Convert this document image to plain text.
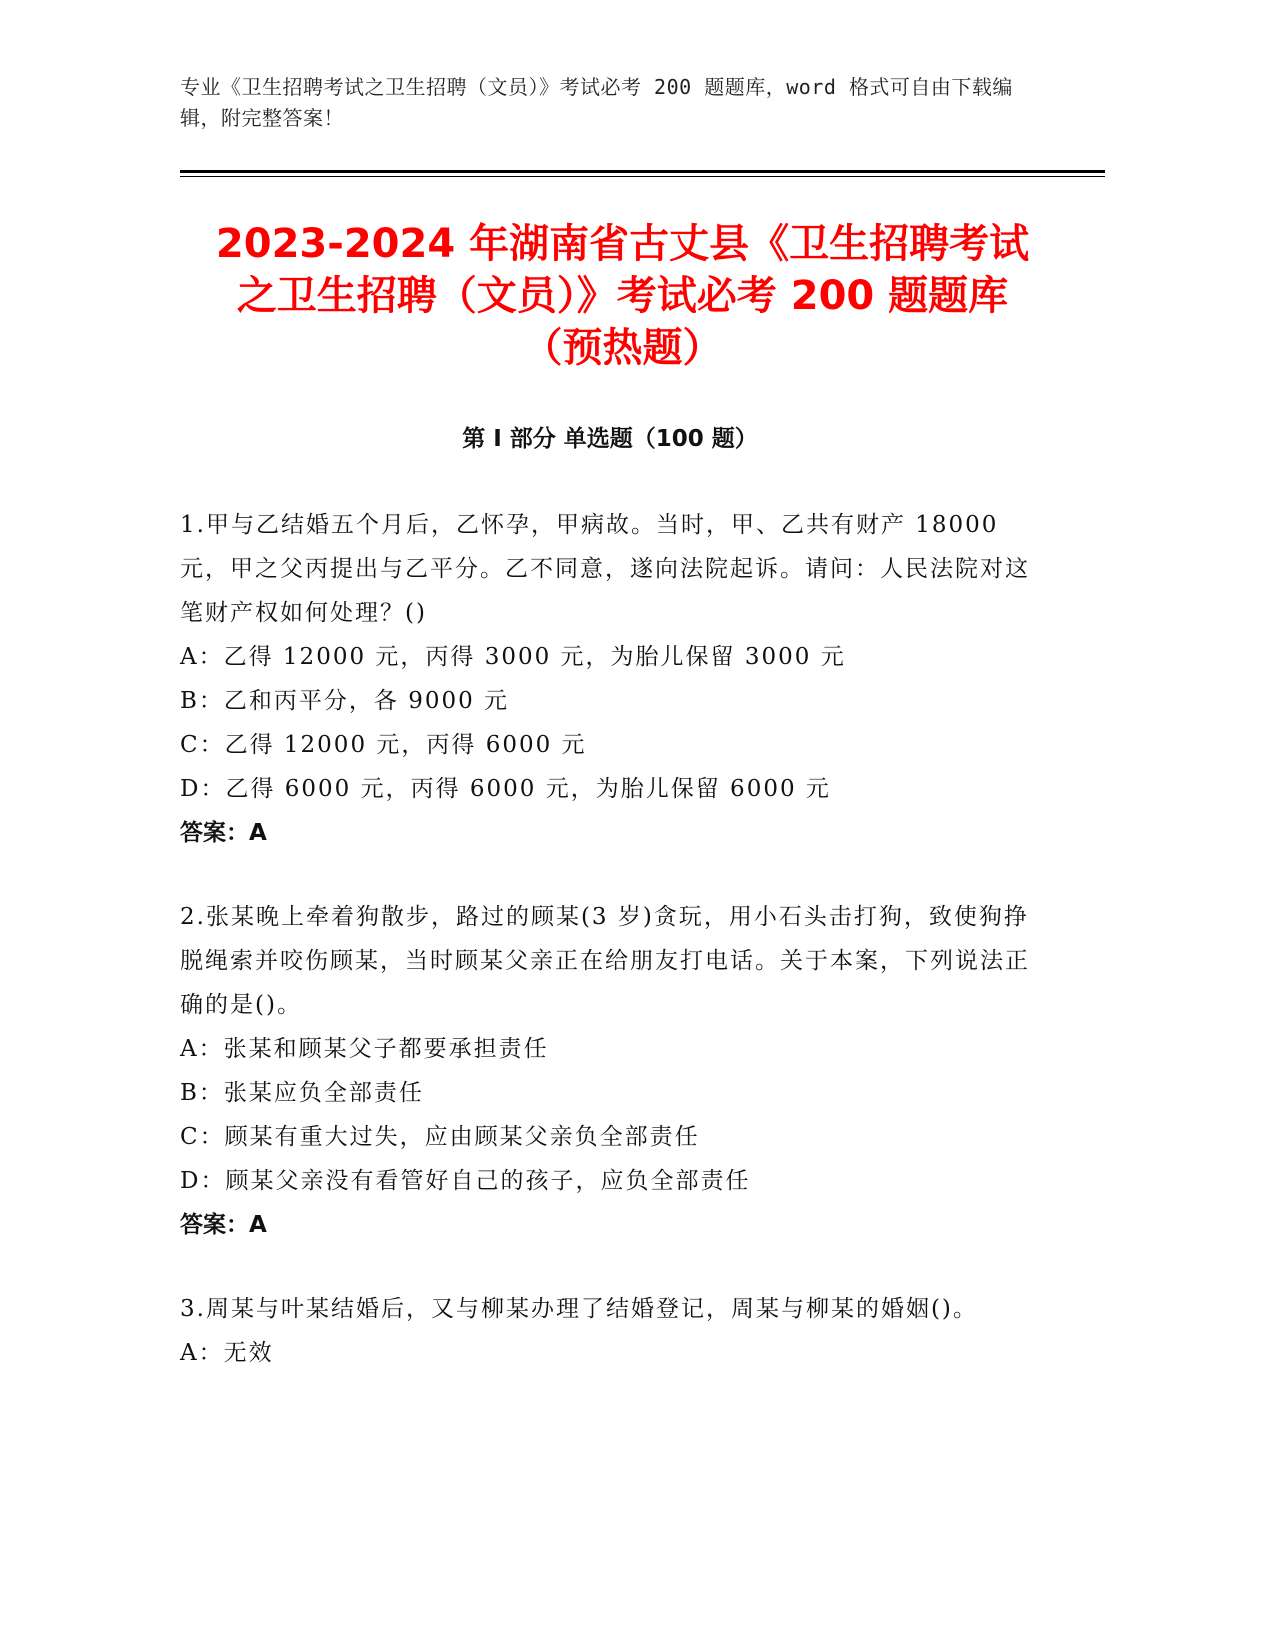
专业《卫生招聘考试之卫生招聘（文员）》考试必考 200 题题库，word 格式可自由下载编辑，附完整答案！
2023-2024 年湖南省古丈县《卫生招聘考试
之卫生招聘（文员）》考试必考 200 题题库
（预热题）
第 I 部分 单选题（100 题）
1.甲与乙结婚五个月后，乙怀孕，甲病故。当时，甲、乙共有财产 18000 元，甲之父丙提出与乙平分。乙不同意，遂向法院起诉。请问：人民法院对这笔财产权如何处理？()
A：乙得 12000 元，丙得 3000 元，为胎儿保留 3000 元
B：乙和丙平分，各 9000 元
C：乙得 12000 元，丙得 6000 元
D：乙得 6000 元，丙得 6000 元，为胎儿保留 6000 元
答案：A
2.张某晚上牵着狗散步，路过的顾某(3 岁)贪玩，用小石头击打狗，致使狗挣脱绳索并咬伤顾某，当时顾某父亲正在给朋友打电话。关于本案，下列说法正确的是()。
A：张某和顾某父子都要承担责任
B：张某应负全部责任
C：顾某有重大过失，应由顾某父亲负全部责任
D：顾某父亲没有看管好自己的孩子，应负全部责任
答案：A
3.周某与叶某结婚后，又与柳某办理了结婚登记，周某与柳某的婚姻()。
A：无效
